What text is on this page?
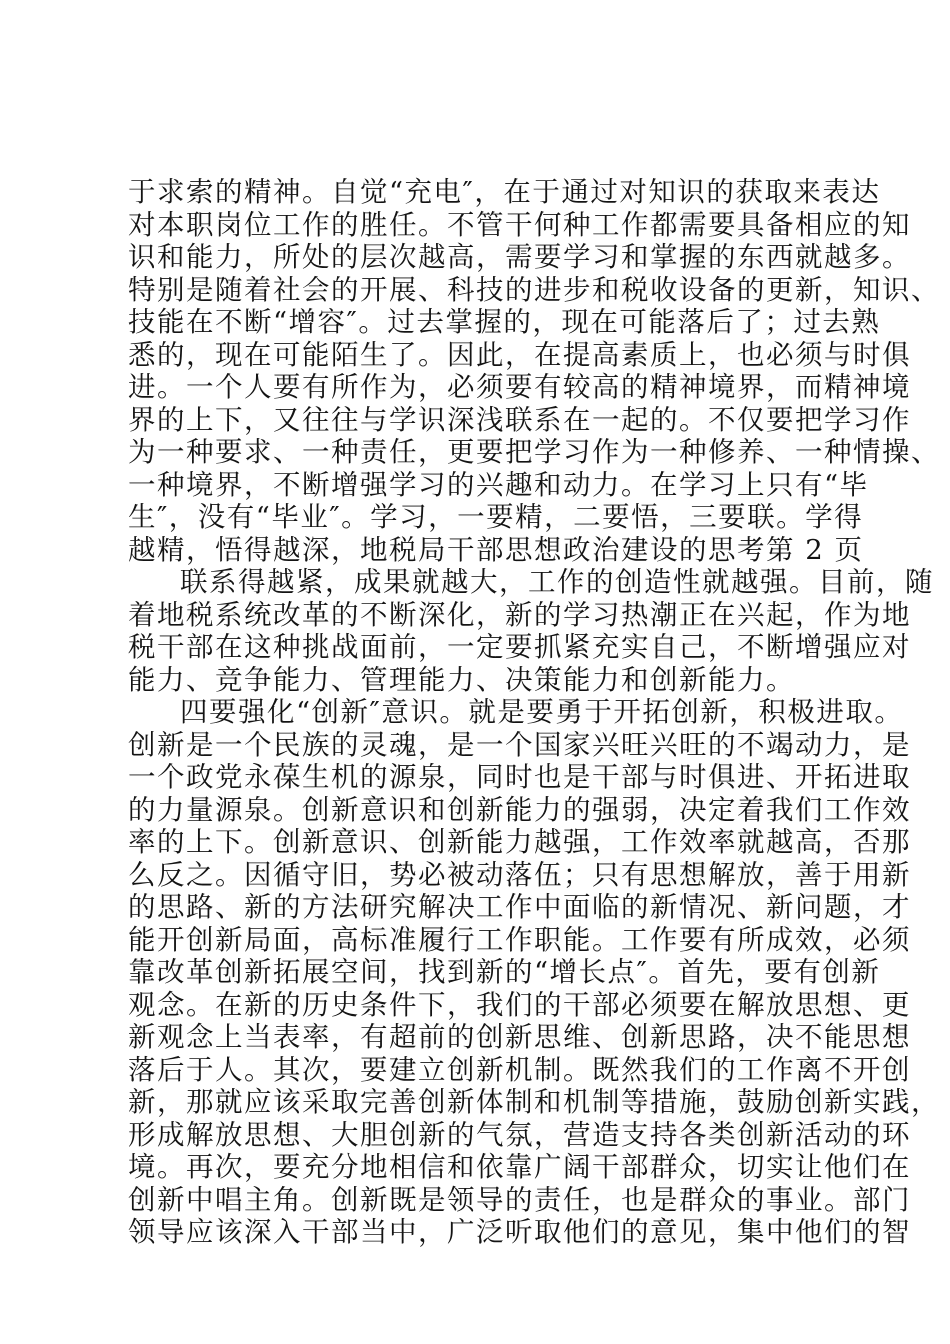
于求索的精神。自觉“充电″，在于通过对知识的获取来表达
对本职岗位工作的胜任。不管干何种工作都需要具备相应的知
识和能力，所处的层次越高，需要学习和掌握的东西就越多。
特别是随着社会的开展、科技的进步和税收设备的更新，知识、
技能在不断“增容″。过去掌握的，现在可能落后了；过去熟
悉的，现在可能陌生了。因此，在提高素质上，也必须与时俱
进。一个人要有所作为，必须要有较高的精神境界，而精神境
界的上下，又往往与学识深浅联系在一起的。不仅要把学习作
为一种要求、一种责任，更要把学习作为一种修养、一种情操、
一种境界，不断增强学习的兴趣和动力。在学习上只有“毕
生″，没有“毕业″。学习，一要精，二要悟，三要联。学得
越精，悟得越深，地税局干部思想政治建设的思考第 2 页
联系得越紧，成果就越大，工作的创造性就越强。目前，随
着地税系统改革的不断深化，新的学习热潮正在兴起，作为地
税干部在这种挑战面前，一定要抓紧充实自己，不断增强应对
能力、竞争能力、管理能力、决策能力和创新能力。
四要强化“创新″意识。就是要勇于开拓创新，积极进取。
创新是一个民族的灵魂，是一个国家兴旺兴旺的不竭动力，是
一个政党永葆生机的源泉，同时也是干部与时俱进、开拓进取
的力量源泉。创新意识和创新能力的强弱，决定着我们工作效
率的上下。创新意识、创新能力越强，工作效率就越高，否那
么反之。因循守旧，势必被动落伍；只有思想解放，善于用新
的思路、新的方法研究解决工作中面临的新情况、新问题，才
能开创新局面，高标准履行工作职能。工作要有所成效，必须
靠改革创新拓展空间，找到新的“增长点″。首先，要有创新
观念。在新的历史条件下，我们的干部必须要在解放思想、更
新观念上当表率，有超前的创新思维、创新思路，决不能思想
落后于人。其次，要建立创新机制。既然我们的工作离不开创
新，那就应该采取完善创新体制和机制等措施，鼓励创新实践，
形成解放思想、大胆创新的气氛，营造支持各类创新活动的环
境。再次，要充分地相信和依靠广阔干部群众，切实让他们在
创新中唱主角。创新既是领导的责任，也是群众的事业。部门
领导应该深入干部当中，广泛听取他们的意见，集中他们的智
